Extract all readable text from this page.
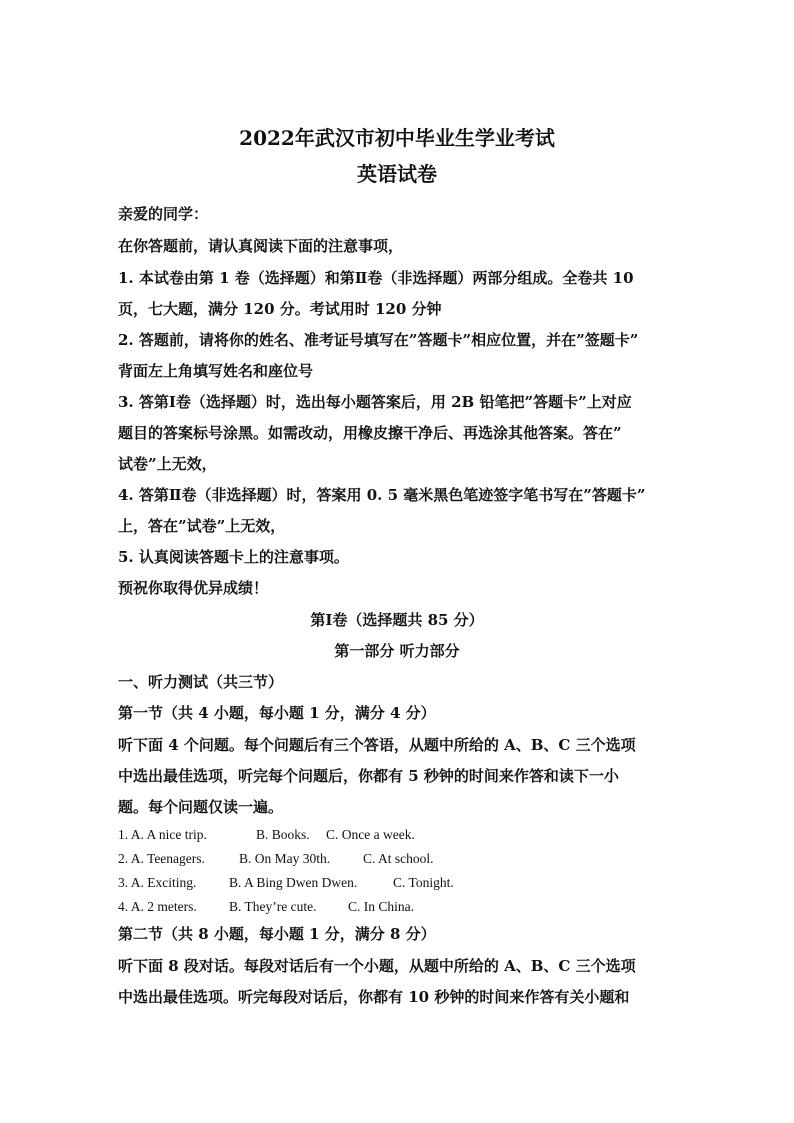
2022年武汉市初中毕业生学业考试
英语试卷

亲爱的同学：

在你答题前，请认真阅读下面的注意事项，

1. 本试卷由第 1 卷（选择题）和第Ⅱ卷（非选择题）两部分组成。全卷共 10

页，七大题，满分 120 分。考试用时 120 分钟

2. 答题前，请将你的姓名、准考证号填写在”答题卡”相应位置，并在”签题卡”

背面左上角填写姓名和座位号

3. 答第Ⅰ卷（选择题）时，选出每小题答案后，用 2B 铅笔把”答题卡”上对应

题目的答案标号涂黑。如需改动，用橡皮擦干净后、再选涂其他答案。答在”

试卷”上无效，

4. 答第Ⅱ卷（非选择题）时，答案用 0. 5 毫米黑色笔迹签字笔书写在”答题卡”

上，答在”试卷”上无效，

5. 认真阅读答题卡上的注意事项。

预祝你取得优异成绩！

第Ⅰ卷（选择题共 85 分）

第一部分 听力部分

一、听力测试（共三节）

第一节（共 4 小题，每小题 1 分，满分 4 分）

听下面 4 个问题。每个问题后有三个答语，从题中所给的 A、B、C 三个选项

中选出最佳选项，听完每个问题后，你都有 5 秒钟的时间来作答和读下一小

题。每个问题仅读一遍。

1. A. A nice trip.	B. Books.	C. Once a week.
2. A. Teenagers.	B. On May 30th.	C. At school.
3. A. Exciting.	B. A Bing Dwen Dwen.	C. Tonight.
4. A. 2 meters.	B. They’re cute.	C. In China.

第二节（共 8 小题，每小题 1 分，满分 8 分）

听下面 8 段对话。每段对话后有一个小题，从题中所给的 A、B、C 三个选项

中选出最佳选项。听完每段对话后，你都有 10 秒钟的时间来作答有关小题和
